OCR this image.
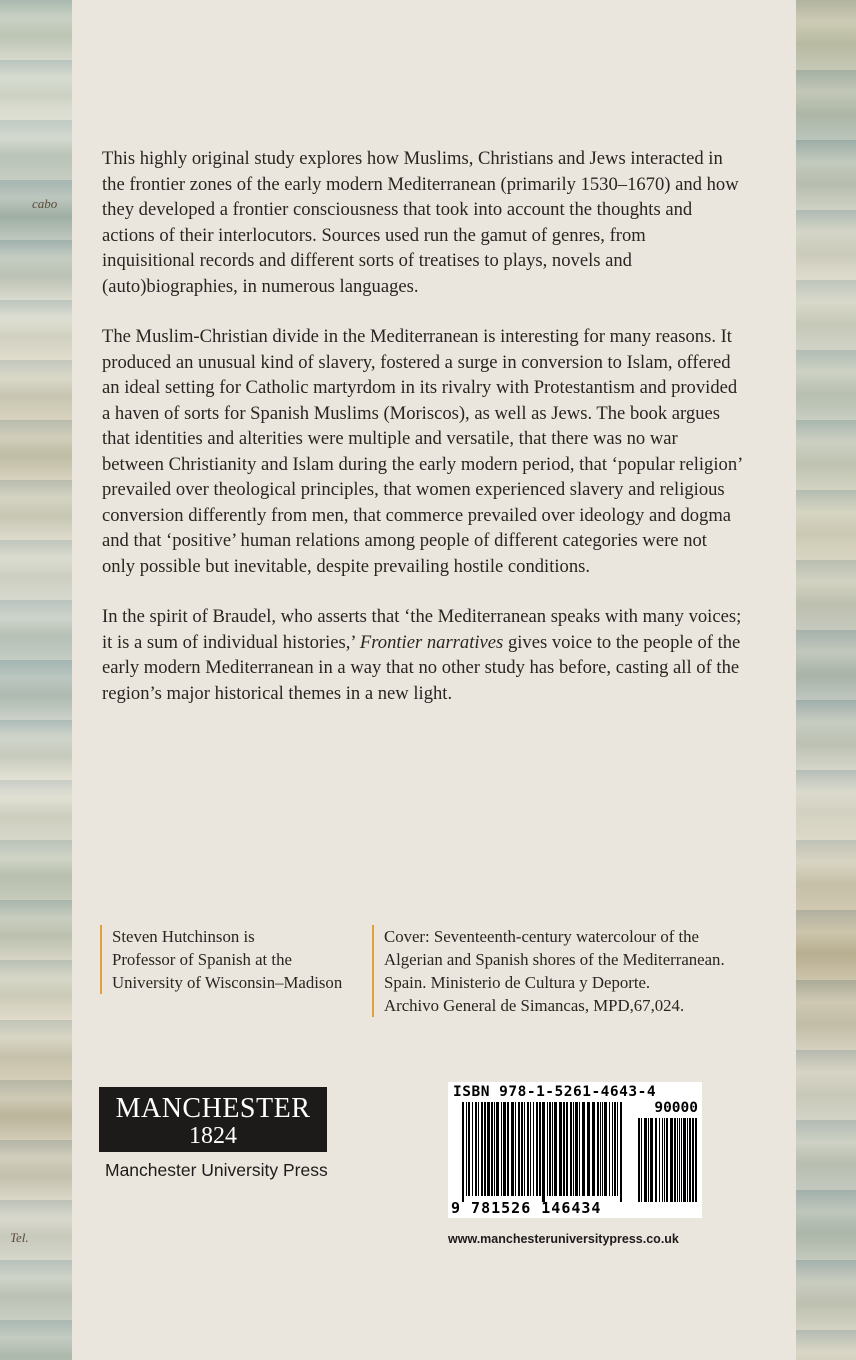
cabo
Tel.

This highly original study explores how Muslims, Christians and Jews interacted in the frontier zones of the early modern Mediterranean (primarily 1530–1670) and how they developed a frontier consciousness that took into account the thoughts and actions of their interlocutors. Sources used run the gamut of genres, from inquisitional records and different sorts of treatises to plays, novels and (auto)biographies, in numerous languages.

The Muslim-Christian divide in the Mediterranean is interesting for many reasons. It produced an unusual kind of slavery, fostered a surge in conversion to Islam, offered an ideal setting for Catholic martyrdom in its rivalry with Protestantism and provided a haven of sorts for Spanish Muslims (Moriscos), as well as Jews. The book argues that identities and alterities were multiple and versatile, that there was no war between Christianity and Islam during the early modern period, that ‘popular religion’ prevailed over theological principles, that women experienced slavery and religious conversion differently from men, that commerce prevailed over ideology and dogma and that ‘positive’ human relations among people of different categories were not only possible but inevitable, despite prevailing hostile conditions.

In the spirit of Braudel, who asserts that ‘the Mediterranean speaks with many voices; it is a sum of individual histories,’ Frontier narratives gives voice to the people of the early modern Mediterranean in a way that no other study has before, casting all of the region’s major historical themes in a new light.

Steven Hutchinson is
Professor of Spanish at the
University of Wisconsin–Madison
Cover: Seventeenth-century watercolour of the
Algerian and Spanish shores of the Mediterranean.
Spain. Ministerio de Cultura y Deporte.
Archivo General de Simancas, MPD,67,024.
MANCHESTER
1824
Manchester University Press
ISBN 978-1-5261-4643-4
90000
9 781526 146434
www.manchesteruniversitypress.co.uk
